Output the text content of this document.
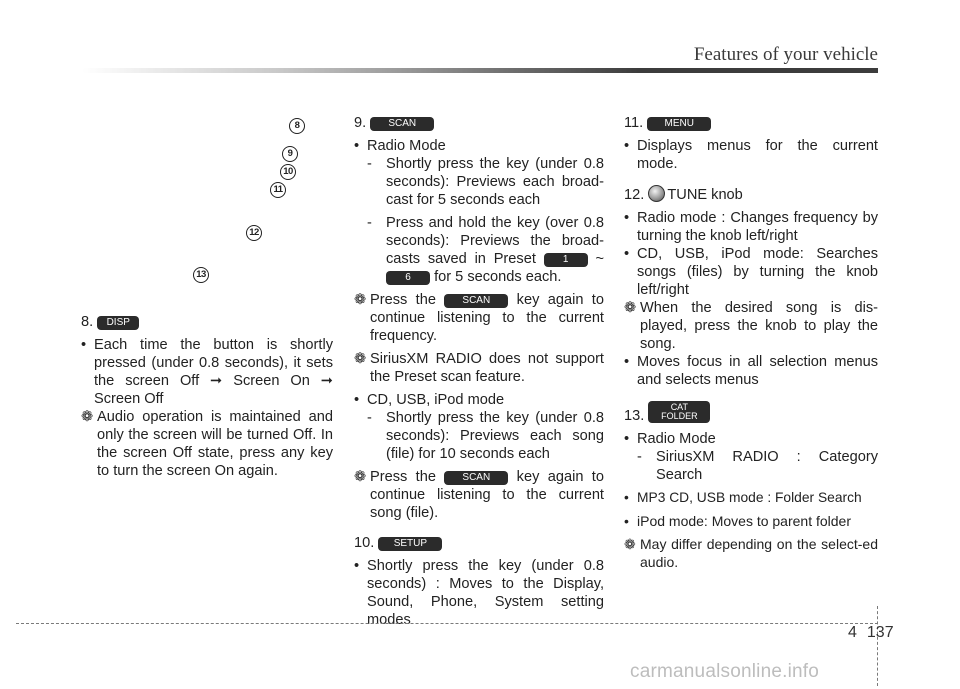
Features of your vehicle
8
9
10
11
12
13

8. DISP

• Each time the button is shortly pressed (under 0.8 seconds), it sets the screen Off ➞ Screen On ➞ Screen Off
❁ Audio operation is maintained and only the screen will be turned Off. In the screen Off state, press any key to turn the screen On again.

9. SCAN

• Radio Mode
- Shortly press the key (under 0.8 seconds): Previews each broad-cast for 5 seconds each
- Press and hold the key (over 0.8 seconds): Previews the broad-casts saved in Preset	1 ~ 6 for 5 seconds each.
❁ Press the	SCAN key again to continue listening to the current frequency.
❁ SiriusXM RADIO does not support the Preset scan feature.
• CD, USB, iPod mode
- Shortly press the key (under 0.8 seconds): Previews each song (file) for 10 seconds each
❁ Press the	SCAN key again to continue listening to the current song (file).

10. SETUP

• Shortly press the key (under 0.8 seconds) : Moves to the Display, Sound, Phone, System setting modes

11. MENU

• Displays menus for the current mode.

12. TUNE knob

• Radio mode : Changes frequency by turning the knob left/right
• CD, USB, iPod mode: Searches songs (files) by turning the knob left/right
❁ When the desired song is dis-played, press the knob to play the song.
• Moves focus in all selection menus and selects menus

13.
CAT
FOLDER

• Radio Mode
- SiriusXM RADIO : Category Search
• MP3 CD, USB mode : Folder Search
• iPod mode: Moves to parent folder
❁ May differ depending on the select-ed audio.
4 137
carmanualsonline.info
